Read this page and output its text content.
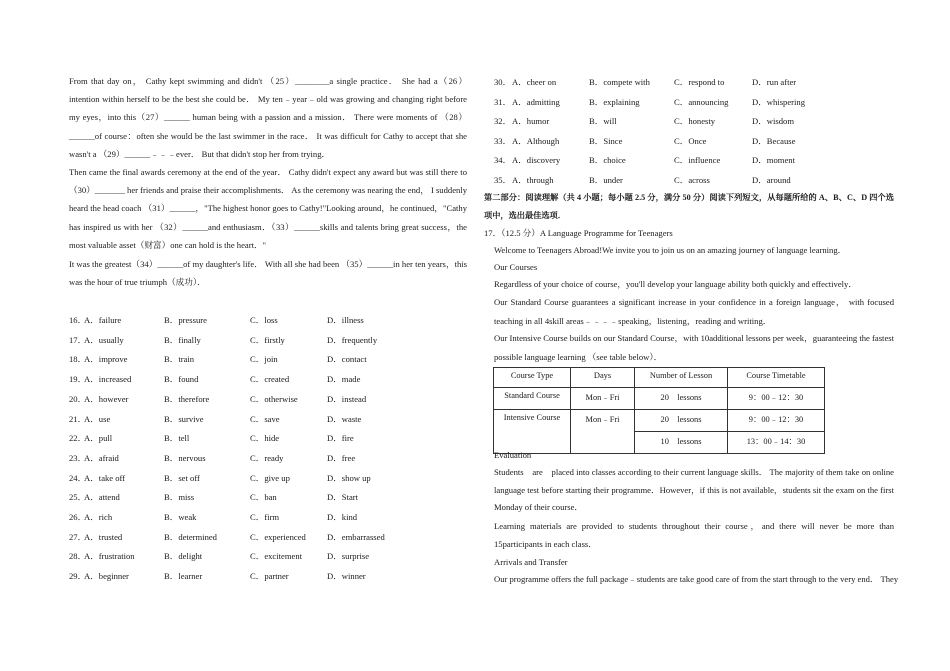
From that day on， Cathy kept swimming and didn't （25）________a single practice． She had a（26）intention within herself to be the best she could be． My ten﹣year﹣old was growing and changing right before my eyes，into this（27）______ human being with a passion and a mission． There were moments of （28）______of course：often she would be the last swimmer in the race． It was difficult for Cathy to accept that she wasn't a （29）______﹣﹣﹣ever． But that didn't stop her from trying．
Then came the final awards ceremony at the end of the year． Cathy didn't expect any award but was still there to （30）_______ her friends and praise their accomplishments． As the ceremony was nearing the end， I suddenly heard the head coach （31）______，"The highest honor goes to Cathy!"Looking around，he continued，"Cathy has inspired us with her （32）______and enthusiasm．（33）______skills and talents bring great success，the most valuable asset（财富）one can hold is the heart．"
It was the greatest（34）______of my daughter's life． With all she had been （35）______in her ten years，this was the hour of true triumph（成功）．
16．
A．failure	B．pressure	C．loss	D．illness
17．
A．usually	B．finally	C．firstly	D．frequently
18．
A．improve	B．train	C．join	D．contact
19．
A．increased	B．found	C．created	D．made
20．
A．however	B．therefore	C．otherwise	D．instead
21．
A．use	B．survive	C．save	D．waste
22．
A．pull	B．tell	C．hide	D．fire
23．
A．afraid	B．nervous	C．ready	D．free
24．
A．take off	B．set off	C．give up	D．show up
25．
A．attend	B．miss	C．ban	D．Start
26．
A．rich	B．weak	C．firm	D．kind
27．
A．trusted	B．determined	C．experienced D．embarrassed
28．
A．frustration	B．delight	C．excitement	D．surprise
29．
A．beginner	B．learner	C．partner	D．winner
30． A．cheer on	B．compete with	C．respond to	D．run after
31． A．admitting	B．explaining	C．announcing	D．whispering
32． A．humor	B．will	C．honesty	D．wisdom
33． A．Although	B．Since	C．Once	D．Because
34． A．discovery	B．choice	C．influence	D．moment
35． A．through	B．under	C．across	D．around
第二部分：阅读理解（共 4 小题；每小题 2.5 分，满分 50 分）阅读下列短文，从每题所给的 A、B、C、D 四个选项中，选出最佳选项．
17．（12.5 分）A Language Programme for Teenagers
Welcome to Teenagers Abroad!We invite you to join us on an amazing journey of language learning．
Our Courses
Regardless of your choice of course，you'll develop your language ability both quickly and effectively．
Our Standard Course guarantees a significant increase in your confidence in a foreign language， with focused teaching in all 4skill areas﹣﹣﹣﹣speaking，listening，reading and writing．
Our Intensive Course builds on our Standard Course，with 10additional lessons per week，guaranteeing the fastest possible language learning （see table below）．
Course Type	Days	Number of Lesson	Course Timetable
Standard Course	Mon﹣Fri	20　lessons	9：00﹣12：30
Intensive Course	Mon﹣Fri	20　lessons	9：00﹣12：30
		10　lessons	13：00﹣14：30
Evaluation
Students　are　placed into classes according to their current language skills． The majority of them take on online language test before starting their programme．However，if this is not available，students sit the exam on the first Monday of their course．
Learning materials are provided to students throughout their course，and there will never be more than 15participants in each class．
Arrivals and Transfer
Our programme offers the full package﹣students are take good care of from the start through to the very end． They
